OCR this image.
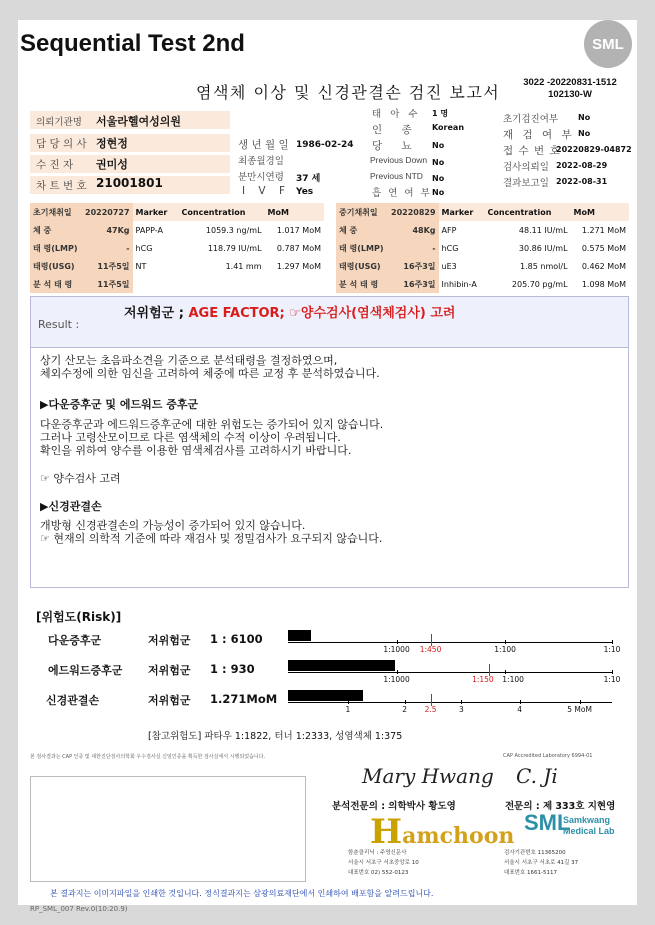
Sequential Test 2nd
염색체 이상 및 신경관결손 검진 보고서
3022 -20220831-1512
102130-W
SML
의뢰기관명 서울라헬여성의원
담 당 의 사 정현정
수 진 자 권미성
차 트 번 호 21001801
생 년 월 일 1986-02-24
최종월경일
분만시연령 37 세
I V F Yes
태 아 수 1 명
인 종 Korean
당 뇨 No
Previous Down No
Previous NTD No
흡 연 여 부 No
초기검진여부 No
재 검 여 부 No
접 수 번 호
20220829-04872
검사의뢰일 2022-08-29
결과보고일 2022-08-31
초기채취일	20220727	Marker	Concentration	MoM
체 중	47Kg	PAPP-A	1059.3 ng/mL	1.017 MoM
태 령(LMP)	-	hCG	118.79 IU/mL	0.787 MoM
태령(USG)	11주5일	NT	1.41 mm	1.297 MoM
분 석 태 령	11주5일			
중기채취일	20220829	Marker	Concentration	MoM
체 중	48Kg	AFP	48.11 IU/mL	1.271 MoM
태 령(LMP)	-	hCG	30.86 IU/mL	0.575 MoM
태령(USG)	16주3일	uE3	1.85 nmol/L	0.462 MoM
분 석 태 령	16주3일	Inhibin-A	205.70 pg/mL	1.098 MoM
Result :
저위험군 ; AGE FACTOR; ☞양수검사(염색체검사) 고려
상기 산모는 초음파소견을 기준으로 분석태령을 결정하였으며,
체외수정에 의한 임신을 고려하여 체중에 따른 교정 후 분석하였습니다.
▶다운증후군 및 에드워드 증후군
다운증후군과 에드워드증후군에 대한 위험도는 증가되어 있지 않습니다.
그러나 고령산모이므로 다른 염색체의 수적 이상이 우려됩니다.
확인을 위하여 양수를 이용한 염색체검사를 고려하시기 바랍니다.
☞ 양수검사 고려
▶신경관결손
개방형 신경관결손의 가능성이 증가되어 있지 않습니다.
☞ 현재의 의학적 기준에 따라 재검사 및 정밀검사가 요구되지 않습니다.
[위험도(Risk)]
다운증후군	저위험군 1 : 6100
에드워드증후군 저위험군 1 : 930
신경관결손	저위험군 1.271MoM
1:1000 1:450	1:100	1:10
1:1000	1:150 1:100	1:10
1	2 2.5	3	4	5 MoM
[참고위험도] 파타우 1:1822, 터너 1:2333, 성염색체 1:375
본 검사결과는 CAP 인증 및 대한진단검사의학회 우수검사실 신임인증을 획득한 검사실에서 시행되었습니다.	CAP Accredited Laboratory 6994-01
Mary Hwang
분석전문의 : 의학박사 황도영
C. Ji
전문의 : 제 333호 지현영
Hamchoon
SML
Samkwang
Medical Lab
함춘클리닉 : 주영신문사
서울시 서초구 서초중앙로 10
대표번호 02) 552-0123
검사기관번호 11365200
서울시 서초구 서초로 41길 37
대표번호 1661-5117
본 결과지는 이미지파일을 인쇄한 것입니다. 정식결과지는 삼광의료재단에서 인쇄하여 배포함을 알려드립니다.
RP_SML_007 Rev.0(10:20.9)
